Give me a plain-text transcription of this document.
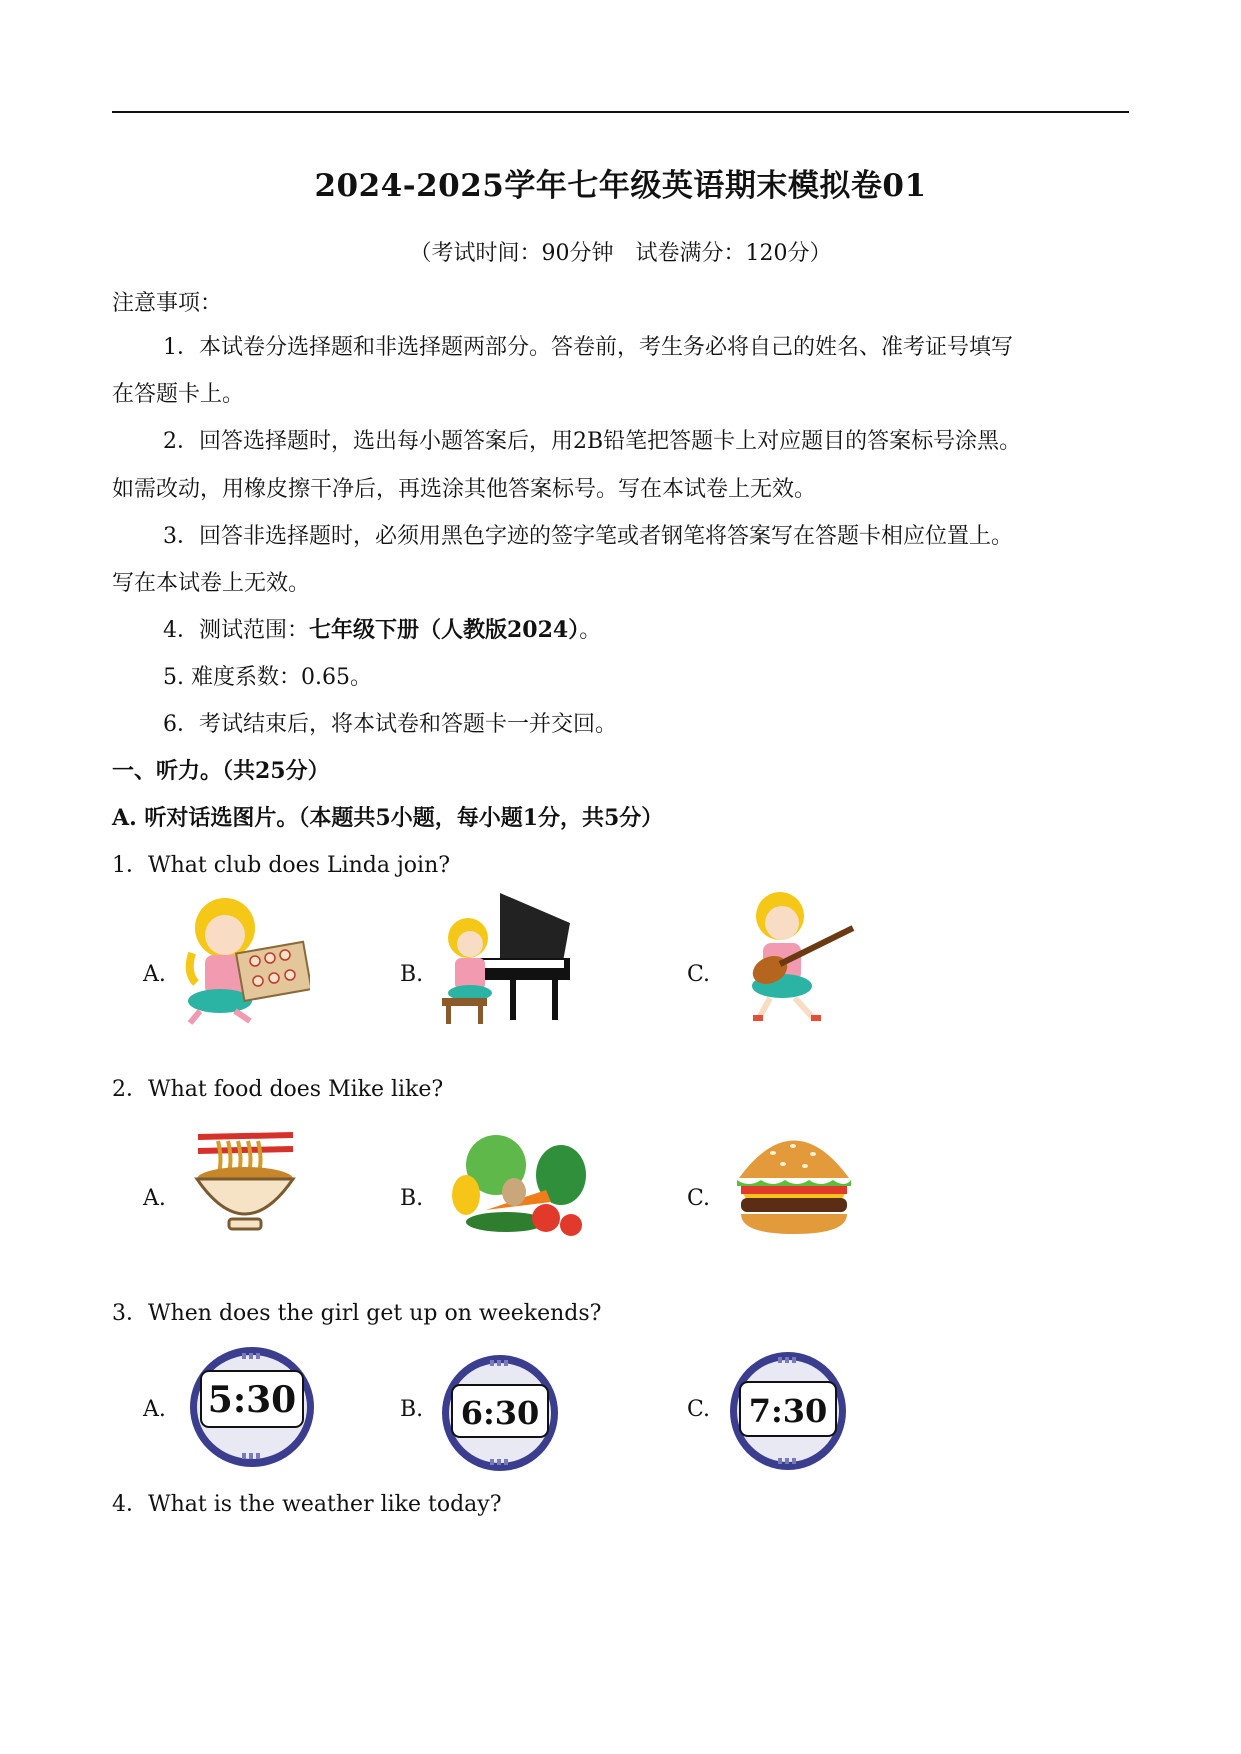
2024-2025学年七年级英语期末模拟卷01
（考试时间：90分钟　试卷满分：120分）
注意事项：
1．本试卷分选择题和非选择题两部分。答卷前，考生务必将自己的姓名、准考证号填写
在答题卡上。
2．回答选择题时，选出每小题答案后，用2B铅笔把答题卡上对应题目的答案标号涂黑。
如需改动，用橡皮擦干净后，再选涂其他答案标号。写在本试卷上无效。
3．回答非选择题时，必须用黑色字迹的签字笔或者钢笔将答案写在答题卡相应位置上。
写在本试卷上无效。
4．测试范围：七年级下册（人教版2024）。
5. 难度系数：0.65。
6．考试结束后，将本试卷和答题卡一并交回。
一、听力。（共25分）
A. 听对话选图片。（本题共5小题，每小题1分，共5分）
1．What club does Linda join?
A.	B.	C.
2．What food does Mike like?
A.	B.	C.
3．When does the girl get up on weekends?
A.	B.	C.
5:30	6:30	7:30
4．What is the weather like today?
